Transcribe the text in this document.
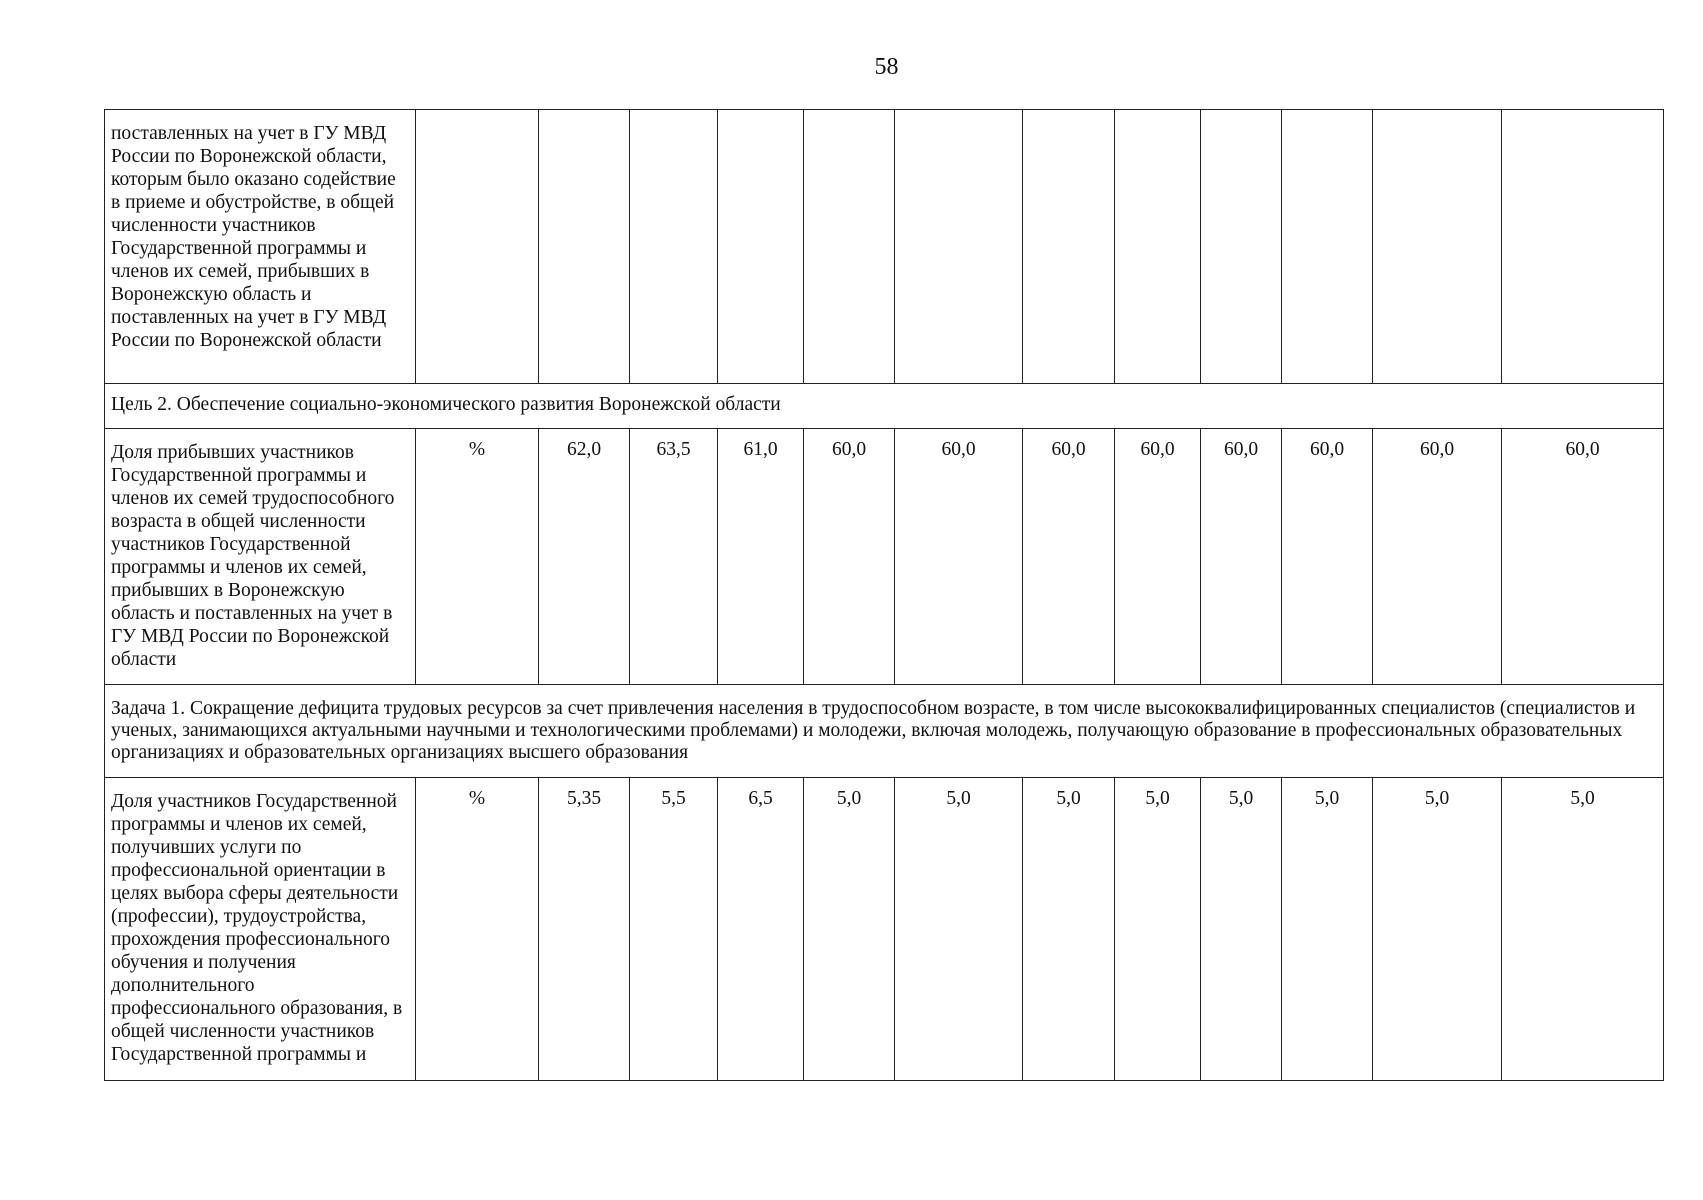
58
поставленных на учет в ГУ МВД России по Воронежской области, которым было оказано содействие в приеме и обустройстве, в общей численности участников Государственной программы и членов их семей, прибывших в Воронежскую область и поставленных на учет в ГУ МВД России по Воронежской области												
Цель 2. Обеспечение социально-экономического развития Воронежской области												
Доля прибывших участников Государственной программы и членов их семей трудоспособного возраста в общей численности участников Государственной программы и членов их семей, прибывших в Воронежскую область и поставленных на учет в ГУ МВД России по Воронежской области	%	62,0	63,5	61,0	60,0	60,0	60,0	60,0	60,0	60,0	60,0	60,0
Задача 1. Сокращение дефицита трудовых ресурсов за счет привлечения населения в трудоспособном возрасте, в том числе высококвалифицированных специалистов (специалистов и ученых, занимающихся актуальными научными и технологическими проблемами) и молодежи, включая молодежь, получающую образование в профессиональных образовательных организациях и образовательных организациях высшего образования												
Доля участников Государственной программы и членов их семей, получивших услуги по профессиональной ориентации в целях выбора сферы деятельности (профессии), трудоустройства, прохождения профессионального обучения и получения дополнительного профессионального образования, в общей численности участников Государственной программы и	%	5,35	5,5	6,5	5,0	5,0	5,0	5,0	5,0	5,0	5,0	5,0
